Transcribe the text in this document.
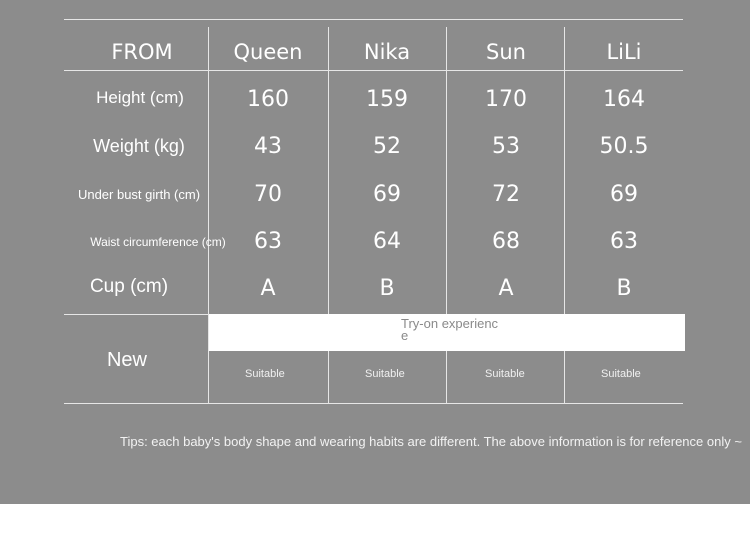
FROM	Queen	Nika	Sun	LiLi
Height (cm)	160	159	170	164
Weight (kg)	43	52	53	50.5
Under bust girth (cm)	70	69	72	69
Waist circumference (cm)	63	64	68	63
Cup (cm)	A	B	A	B
New
Try-on experience
Suitable	Suitable	Suitable	Suitable
Tips: each baby's body shape and wearing habits are different. The above information is for reference only ~
